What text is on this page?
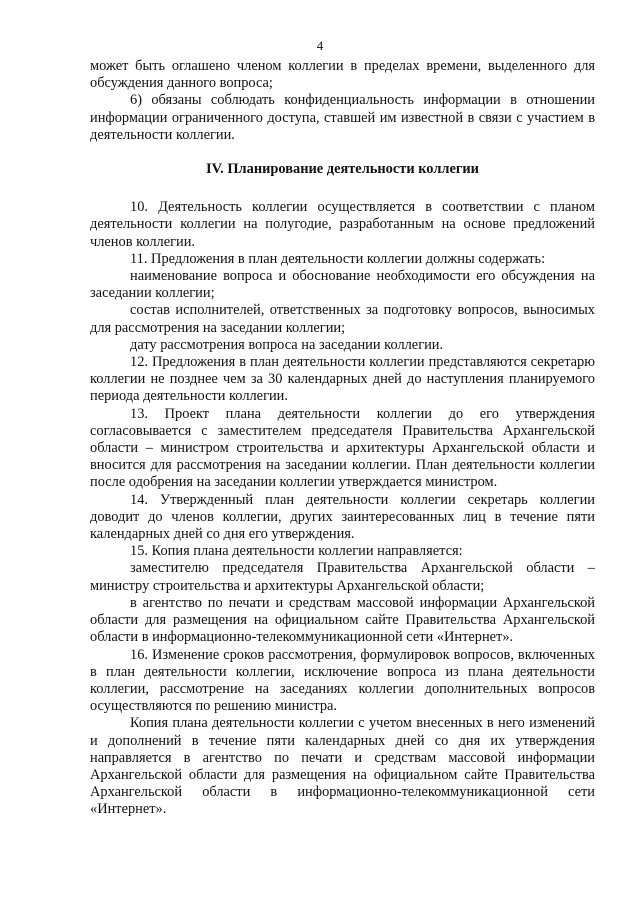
4

может быть оглашено членом коллегии в пределах времени, выделенного для обсуждения данного вопроса;

6) обязаны соблюдать конфиденциальность информации в отношении информации ограниченного доступа, ставшей им известной в связи с участием в деятельности коллегии.

IV. Планирование деятельности коллегии

10. Деятельность коллегии осуществляется в соответствии с планом деятельности коллегии на полугодие, разработанным на основе предложений членов коллегии.

11. Предложения в план деятельности коллегии должны содержать:

наименование вопроса и обоснование необходимости его обсуждения на заседании коллегии;

состав исполнителей, ответственных за подготовку вопросов, выносимых для рассмотрения на заседании коллегии;

дату рассмотрения вопроса на заседании коллегии.

12. Предложения в план деятельности коллегии представляются секретарю коллегии не позднее чем за 30 календарных дней до наступления планируемого периода деятельности коллегии.

13. Проект плана деятельности коллегии до его утверждения согласовывается с заместителем председателя Правительства Архангельской области – министром строительства и архитектуры Архангельской области и вносится для рассмотрения на заседании коллегии. План деятельности коллегии после одобрения на заседании коллегии утверждается министром.

14. Утвержденный план деятельности коллегии секретарь коллегии доводит до членов коллегии, других заинтересованных лиц в течение пяти календарных дней со дня его утверждения.

15. Копия плана деятельности коллегии направляется:

заместителю председателя Правительства Архангельской области – министру строительства и архитектуры Архангельской области;

в агентство по печати и средствам массовой информации Архангельской области для размещения на официальном сайте Правительства Архангельской области в информационно-телекоммуникационной сети «Интернет».

16. Изменение сроков рассмотрения, формулировок вопросов, включенных в план деятельности коллегии, исключение вопроса из плана деятельности коллегии, рассмотрение на заседаниях коллегии дополнительных вопросов осуществляются по решению министра.

Копия плана деятельности коллегии с учетом внесенных в него изменений и дополнений в течение пяти календарных дней со дня их утверждения направляется в агентство по печати и средствам массовой информации Архангельской области для размещения на официальном сайте Правительства Архангельской области в информационно-телекоммуникационной сети «Интернет».
